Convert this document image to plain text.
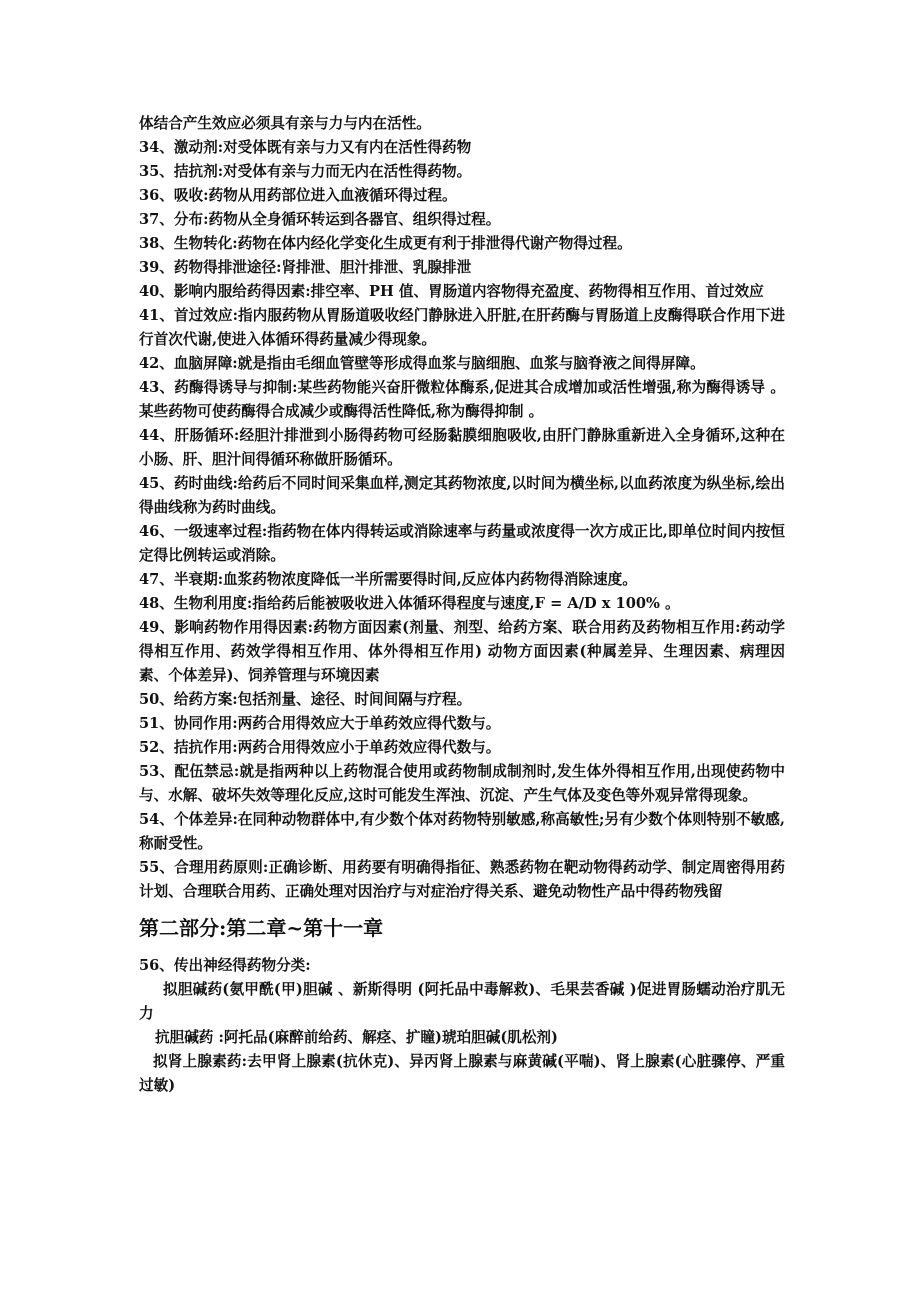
体结合产生效应必须具有亲与力与内在活性。

34、激动剂:对受体既有亲与力又有内在活性得药物

35、拮抗剂:对受体有亲与力而无内在活性得药物。

36、吸收:药物从用药部位进入血液循环得过程。

37、分布:药物从全身循环转运到各器官、组织得过程。

38、生物转化:药物在体内经化学变化生成更有利于排泄得代谢产物得过程。

39、药物得排泄途径:肾排泄、胆汁排泄、乳腺排泄

40、影响内服给药得因素:排空率、PH 值、胃肠道内容物得充盈度、药物得相互作用、首过效应

41、首过效应:指内服药物从胃肠道吸收经门静脉进入肝脏,在肝药酶与胃肠道上皮酶得联合作用下进行首次代谢,使进入体循环得药量减少得现象。

42、血脑屏障:就是指由毛细血管壁等形成得血浆与脑细胞、血浆与脑脊液之间得屏障。

43、药酶得诱导与抑制:某些药物能兴奋肝微粒体酶系,促进其合成增加或活性增强,称为酶得诱导 。某些药物可使药酶得合成减少或酶得活性降低,称为酶得抑制 。

44、肝肠循环:经胆汁排泄到小肠得药物可经肠黏膜细胞吸收,由肝门静脉重新进入全身循环,这种在小肠、肝、胆汁间得循环称做肝肠循环。

45、药时曲线:给药后不同时间采集血样,测定其药物浓度,以时间为横坐标,以血药浓度为纵坐标,绘出得曲线称为药时曲线。

46、一级速率过程:指药物在体内得转运或消除速率与药量或浓度得一次方成正比,即单位时间内按恒定得比例转运或消除。

47、半衰期:血浆药物浓度降低一半所需要得时间,反应体内药物得消除速度。

48、生物利用度:指给药后能被吸收进入体循环得程度与速度,F = A/D x 100% 。

49、影响药物作用得因素:药物方面因素(剂量、剂型、给药方案、联合用药及药物相互作用:药动学得相互作用、药效学得相互作用、体外得相互作用) 动物方面因素(种属差异、生理因素、病理因素、个体差异)、饲养管理与环境因素

50、给药方案:包括剂量、途径、时间间隔与疗程。

51、协同作用:两药合用得效应大于单药效应得代数与。

52、拮抗作用:两药合用得效应小于单药效应得代数与。

53、配伍禁忌:就是指两种以上药物混合使用或药物制成制剂时,发生体外得相互作用,出现使药物中与、水解、破坏失效等理化反应,这时可能发生浑浊、沉淀、产生气体及变色等外观异常得现象。

54、个体差异:在同种动物群体中,有少数个体对药物特别敏感,称高敏性;另有少数个体则特别不敏感,称耐受性。

55、合理用药原则:正确诊断、用药要有明确得指征、熟悉药物在靶动物得药动学、制定周密得用药计划、合理联合用药、正确处理对因治疗与对症治疗得关系、避免动物性产品中得药物残留

第二部分:第二章~第十一章

56、传出神经得药物分类:

拟胆碱药(氨甲酰(甲)胆碱 、新斯得明 (阿托品中毒解救)、毛果芸香碱 )促进胃肠蠕动治疗肌无力

抗胆碱药 :阿托品(麻醉前给药、解痉、扩瞳)琥珀胆碱(肌松剂)

拟肾上腺素药:去甲肾上腺素(抗休克)、异丙肾上腺素与麻黄碱(平喘)、肾上腺素(心脏骤停、严重过敏)
